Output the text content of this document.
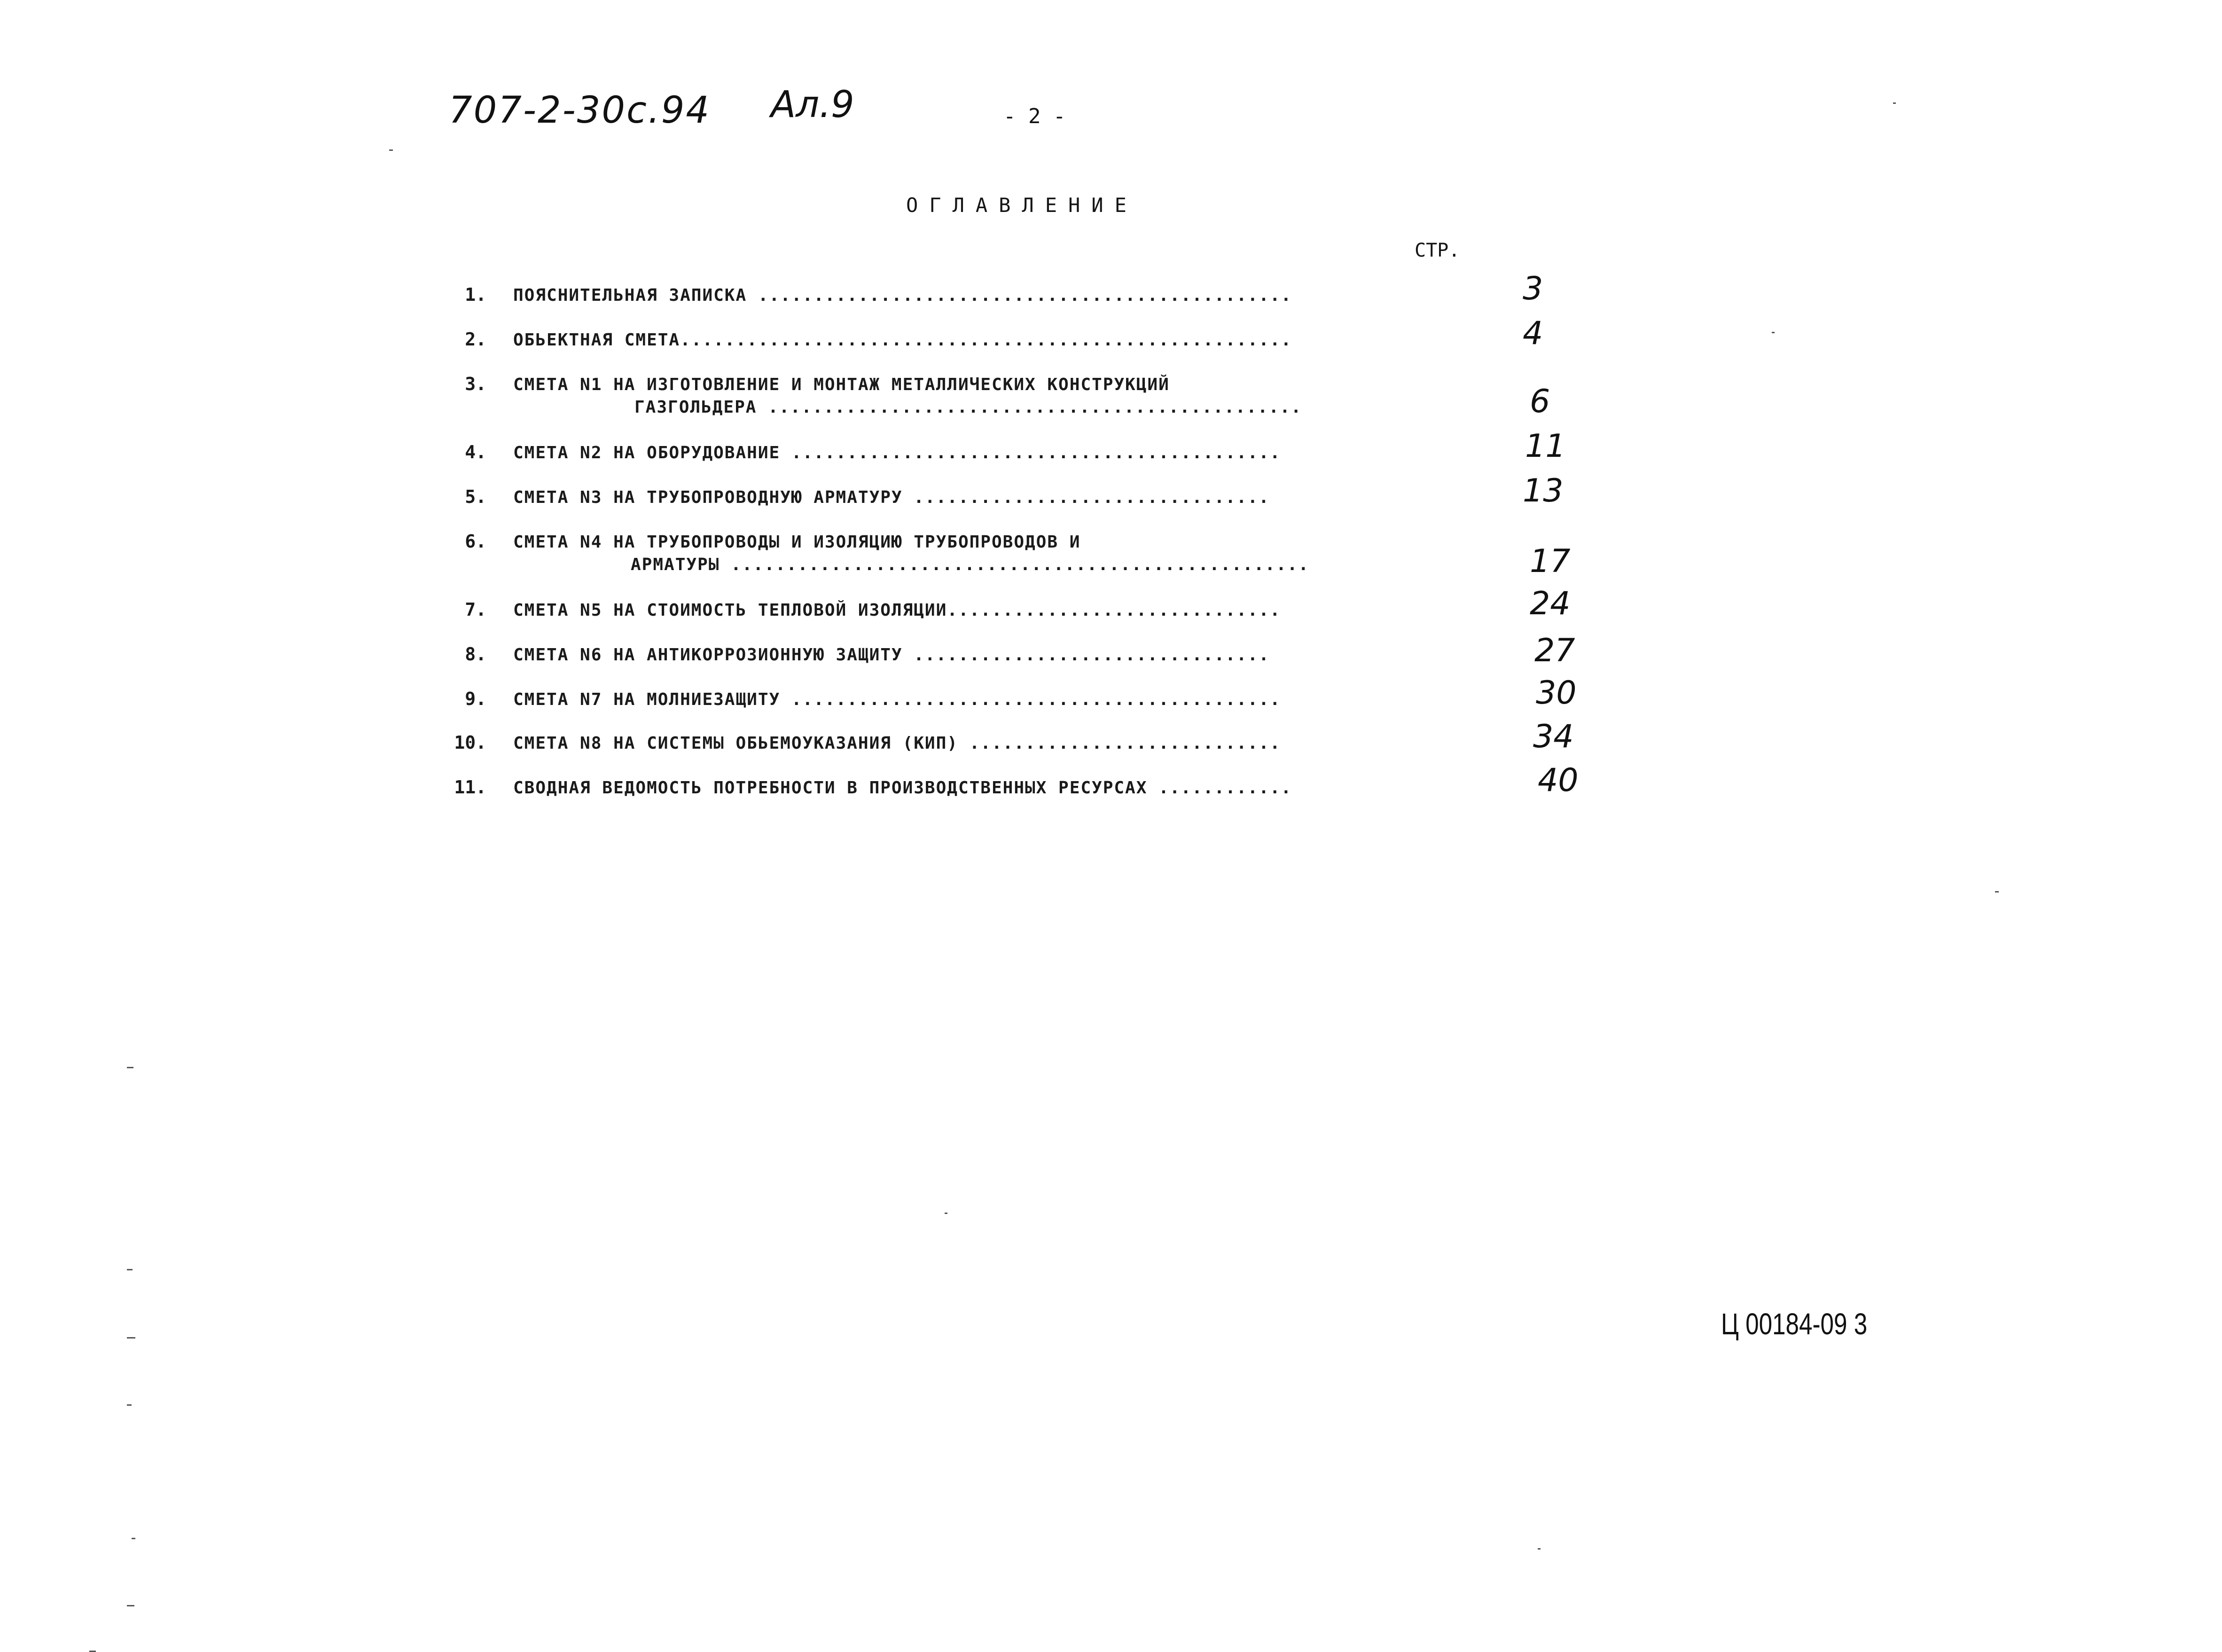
707-2-30с.94 Ал.9	- 2 -
ОГЛАВЛЕНИЕ
СТР.
1. ПОЯСНИТЕЛЬНАЯ ЗАПИСКА ................................................	3
2. ОБЬЕКТНАЯ СМЕТА.......................................................	4
3. СМЕТА N1 НА ИЗГОТОВЛЕНИЕ И МОНТАЖ МЕТАЛЛИЧЕСКИХ КОНСТРУКЦИЙ
ГАЗГОЛЬДЕРА ................................................	6
4. СМЕТА N2 НА ОБОРУДОВАНИЕ ............................................	11
5. СМЕТА N3 НА ТРУБОПРОВОДНУЮ АРМАТУРУ ................................	13
6. СМЕТА N4 НА ТРУБОПРОВОДЫ И ИЗОЛЯЦИЮ ТРУБОПРОВОДОВ И
АРМАТУРЫ ....................................................	17
7. СМЕТА N5 НА СТОИМОСТЬ ТЕПЛОВОЙ ИЗОЛЯЦИИ..............................	24
8. СМЕТА N6 НА АНТИКОРРОЗИОННУЮ ЗАЩИТУ ................................	27
9. СМЕТА N7 НА МОЛНИЕЗАЩИТУ ............................................	30
10. СМЕТА N8 НА СИСТЕМЫ ОБЬЕМОУКАЗАНИЯ (КИП) ............................	34
11. СВОДНАЯ ВЕДОМОСТЬ ПОТРЕБНОСТИ В ПРОИЗВОДСТВЕННЫХ РЕСУРСАХ ............	40
Ц 00184-09 3
